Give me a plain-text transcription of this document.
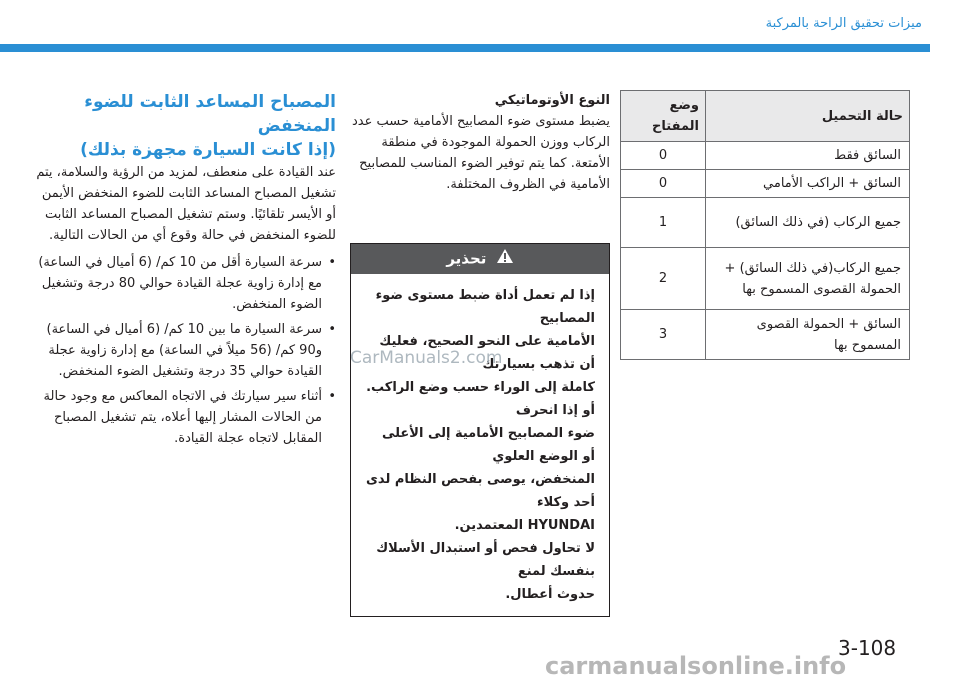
ميزات تحقيق الراحة بالمركبة
حالة التحميل	وضع المفتاح
السائق فقط	0
السائق + الراكب الأمامي	0
جميع الركاب (في ذلك السائق)	1
جميع الركاب(في ذلك السائق) + الحمولة القصوى المسموح بها	2
السائق + الحمولة القصوى المسموح بها	3

النوع الأوتوماتيكي

يضبط مستوى ضوء المصابيح الأمامية حسب عدد الركاب ووزن الحمولة الموجودة في منطقة الأمتعة. كما يتم توفير الضوء المناسب للمصابيح الأمامية في الظروف المختلفة.

تحذير

إذا لم تعمل أداة ضبط مستوى ضوء المصابيح

الأمامية على النحو الصحيح، فعليك أن تذهب بسيارتك

كاملة إلى الوراء حسب وضع الراكب. أو إذا انحرف

ضوء المصابيح الأمامية إلى الأعلى أو الوضع العلوي

المنخفض، يوصى بفحص النظام لدى أحد وكلاء

HYUNDAI المعتمدين.

لا تحاول فحص أو استبدال الأسلاك بنفسك لمنع

حدوث أعطال.

المصباح المساعد الثابت للضوء

المنخفض

(إذا كانت السيارة مجهزة بذلك)

عند القيادة على منعطف، لمزيد من الرؤية والسلامة، يتم تشغيل المصباح المساعد الثابت للضوء المنخفض الأيمن أو الأيسر تلقائيًا. وستم تشغيل المصباح المساعد الثابت للضوء المنخفض في حالة وقوع أي من الحالات التالية.

•
سرعة السيارة أقل من 10 كم/ (6 أميال في الساعة) مع إدارة زاوية عجلة القيادة حوالي 80 درجة وتشغيل الضوء المنخفض.
•
سرعة السيارة ما بين 10 كم/ (6 أميال في الساعة) و90 كم/ (56 ميلاً في الساعة) مع إدارة زاوية عجلة القيادة حوالي 35 درجة وتشغيل الضوء المنخفض.
•
أثناء سير سيارتك في الاتجاه المعاكس مع وجود حالة من الحالات المشار إليها أعلاه، يتم تشغيل المصباح المقابل لاتجاه عجلة القيادة.
CarManuals2.com
3-108
carmanualsonline.info
